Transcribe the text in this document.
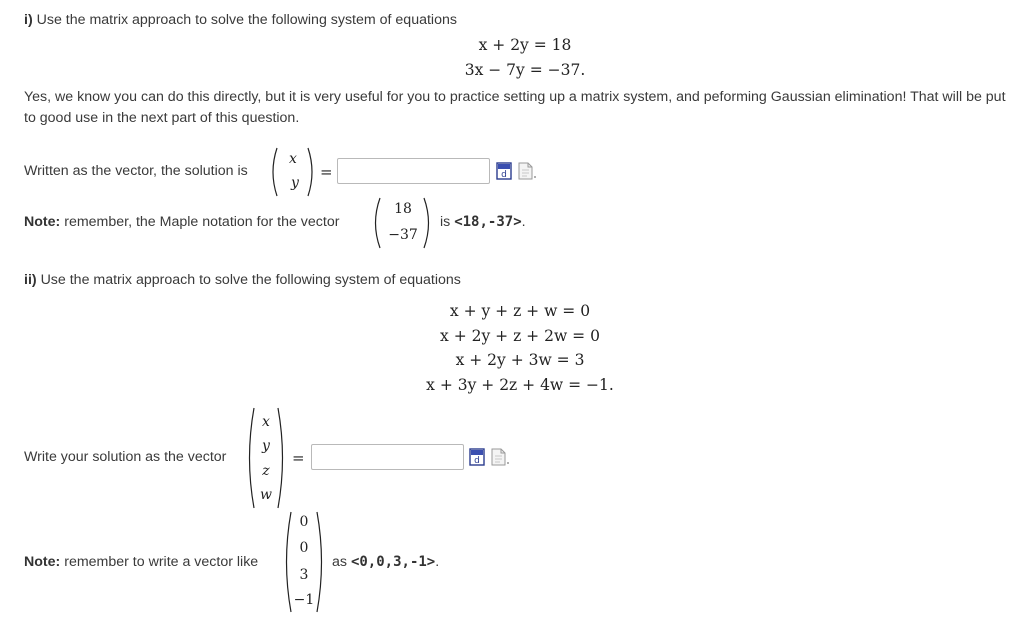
i) Use the matrix approach to solve the following system of equations
x + 2y = 18
3x − 7y = −37.
Yes, we know you can do this directly, but it is very useful for you to practice setting up a matrix system, and peforming Gaussian elimination! That will be put to good use in the next part of this question.
Written as the vector, the solution is
x
y
=	d
Note: remember, the Maple notation for the vector
18
−37
is <18,-37>.
ii) Use the matrix approach to solve the following system of equations
x + y + z + w = 0
x + 2y + z + 2w = 0
x + 2y + 3w = 3
x + 3y + 2z + 4w = −1.
Write your solution as the vector
x
y
z
w
=	d
Note: remember to write a vector like
0
0
3
−1
as <0,0,3,-1>.
